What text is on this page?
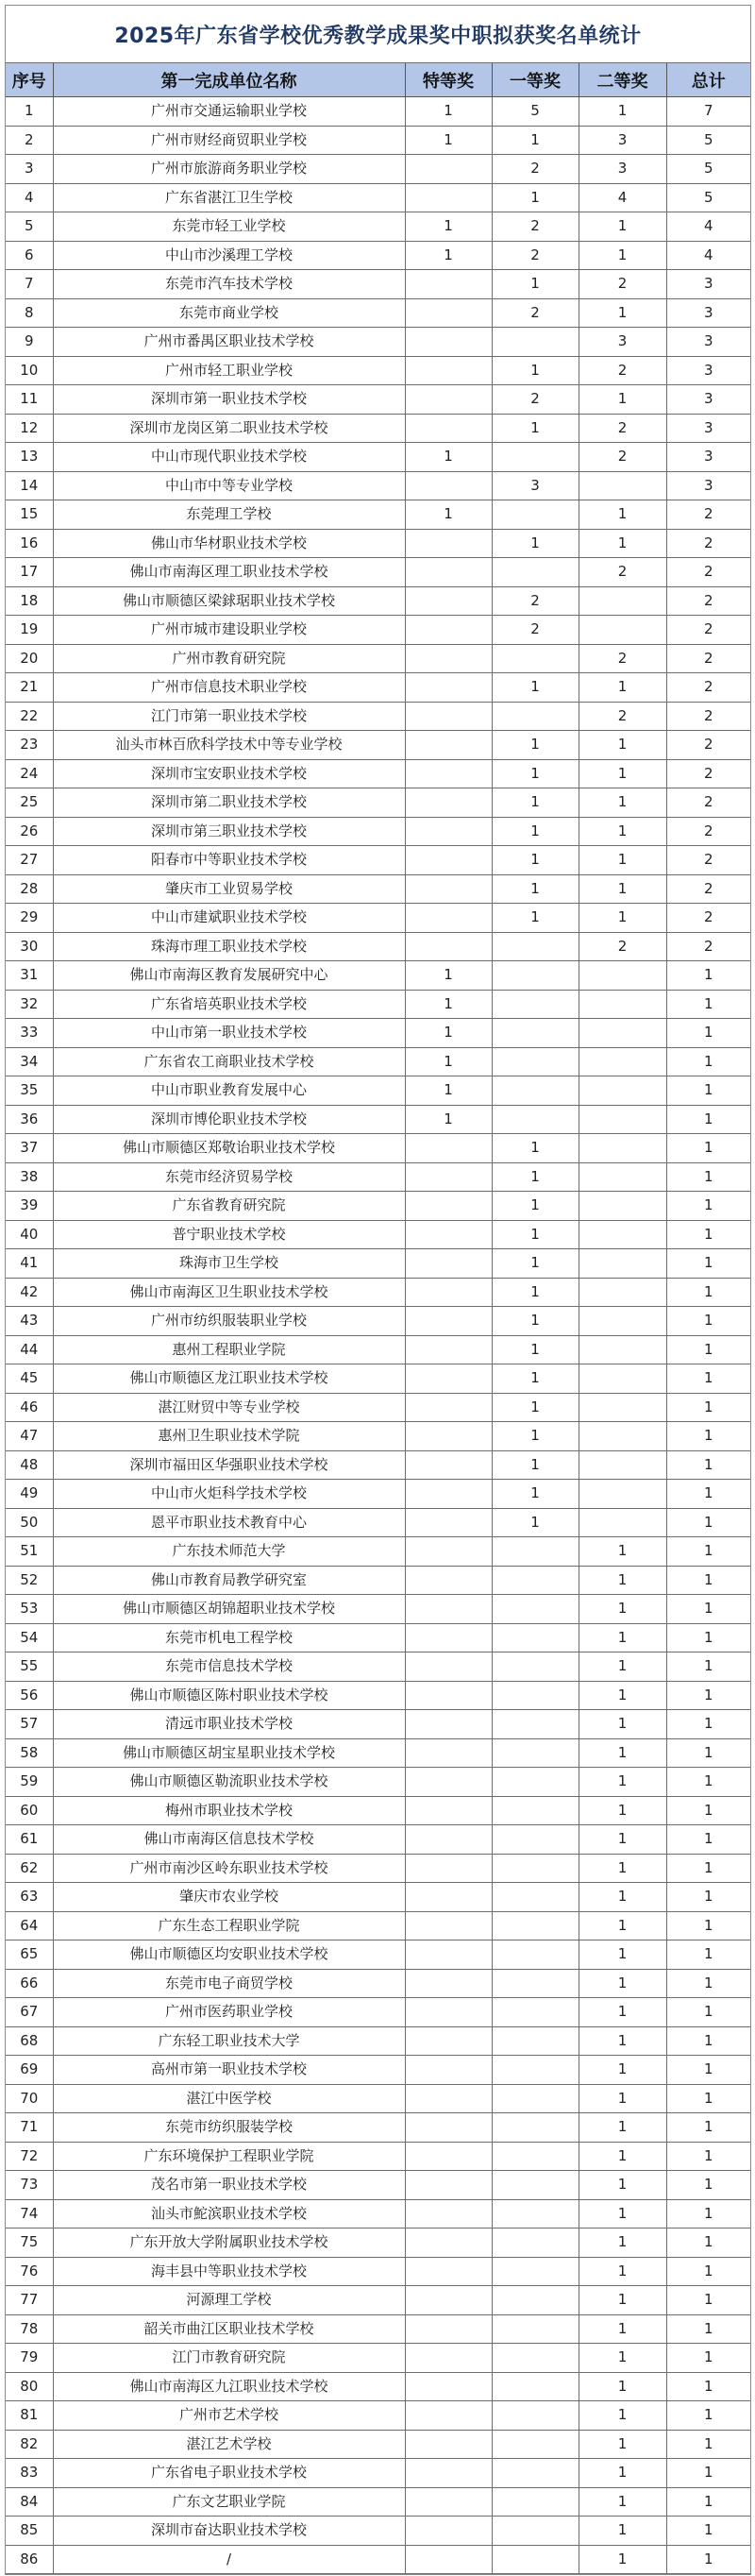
2025年广东省学校优秀教学成果奖中职拟获奖名单统计
序号	第一完成单位名称	特等奖	一等奖	二等奖	总计
1	广州市交通运输职业学校	1	5	1	7
2	广州市财经商贸职业学校	1	1	3	5
3	广州市旅游商务职业学校		2	3	5
4	广东省湛江卫生学校		1	4	5
5	东莞市轻工业学校	1	2	1	4
6	中山市沙溪理工学校	1	2	1	4
7	东莞市汽车技术学校		1	2	3
8	东莞市商业学校		2	1	3
9	广州市番禺区职业技术学校			3	3
10	广州市轻工职业学校		1	2	3
11	深圳市第一职业技术学校		2	1	3
12	深圳市龙岗区第二职业技术学校		1	2	3
13	中山市现代职业技术学校	1		2	3
14	中山市中等专业学校		3		3
15	东莞理工学校	1		1	2
16	佛山市华材职业技术学校		1	1	2
17	佛山市南海区理工职业技术学校			2	2
18	佛山市顺德区梁銶琚职业技术学校		2		2
19	广州市城市建设职业学校		2		2
20	广州市教育研究院			2	2
21	广州市信息技术职业学校		1	1	2
22	江门市第一职业技术学校			2	2
23	汕头市林百欣科学技术中等专业学校		1	1	2
24	深圳市宝安职业技术学校		1	1	2
25	深圳市第二职业技术学校		1	1	2
26	深圳市第三职业技术学校		1	1	2
27	阳春市中等职业技术学校		1	1	2
28	肇庆市工业贸易学校		1	1	2
29	中山市建斌职业技术学校		1	1	2
30	珠海市理工职业技术学校			2	2
31	佛山市南海区教育发展研究中心	1			1
32	广东省培英职业技术学校	1			1
33	中山市第一职业技术学校	1			1
34	广东省农工商职业技术学校	1			1
35	中山市职业教育发展中心	1			1
36	深圳市博伦职业技术学校	1			1
37	佛山市顺德区郑敬诒职业技术学校		1		1
38	东莞市经济贸易学校		1		1
39	广东省教育研究院		1		1
40	普宁职业技术学校		1		1
41	珠海市卫生学校		1		1
42	佛山市南海区卫生职业技术学校		1		1
43	广州市纺织服装职业学校		1		1
44	惠州工程职业学院		1		1
45	佛山市顺德区龙江职业技术学校		1		1
46	湛江财贸中等专业学校		1		1
47	惠州卫生职业技术学院		1		1
48	深圳市福田区华强职业技术学校		1		1
49	中山市火炬科学技术学校		1		1
50	恩平市职业技术教育中心		1		1
51	广东技术师范大学			1	1
52	佛山市教育局教学研究室			1	1
53	佛山市顺德区胡锦超职业技术学校			1	1
54	东莞市机电工程学校			1	1
55	东莞市信息技术学校			1	1
56	佛山市顺德区陈村职业技术学校			1	1
57	清远市职业技术学校			1	1
58	佛山市顺德区胡宝星职业技术学校			1	1
59	佛山市顺德区勒流职业技术学校			1	1
60	梅州市职业技术学校			1	1
61	佛山市南海区信息技术学校			1	1
62	广州市南沙区岭东职业技术学校			1	1
63	肇庆市农业学校			1	1
64	广东生态工程职业学院			1	1
65	佛山市顺德区均安职业技术学校			1	1
66	东莞市电子商贸学校			1	1
67	广州市医药职业学校			1	1
68	广东轻工职业技术大学			1	1
69	高州市第一职业技术学校			1	1
70	湛江中医学校			1	1
71	东莞市纺织服装学校			1	1
72	广东环境保护工程职业学院			1	1
73	茂名市第一职业技术学校			1	1
74	汕头市鮀滨职业技术学校			1	1
75	广东开放大学附属职业技术学校			1	1
76	海丰县中等职业技术学校			1	1
77	河源理工学校			1	1
78	韶关市曲江区职业技术学校			1	1
79	江门市教育研究院			1	1
80	佛山市南海区九江职业技术学校			1	1
81	广州市艺术学校			1	1
82	湛江艺术学校			1	1
83	广东省电子职业技术学校			1	1
84	广东文艺职业学院			1	1
85	深圳市奋达职业技术学校			1	1
86	/			1	1
